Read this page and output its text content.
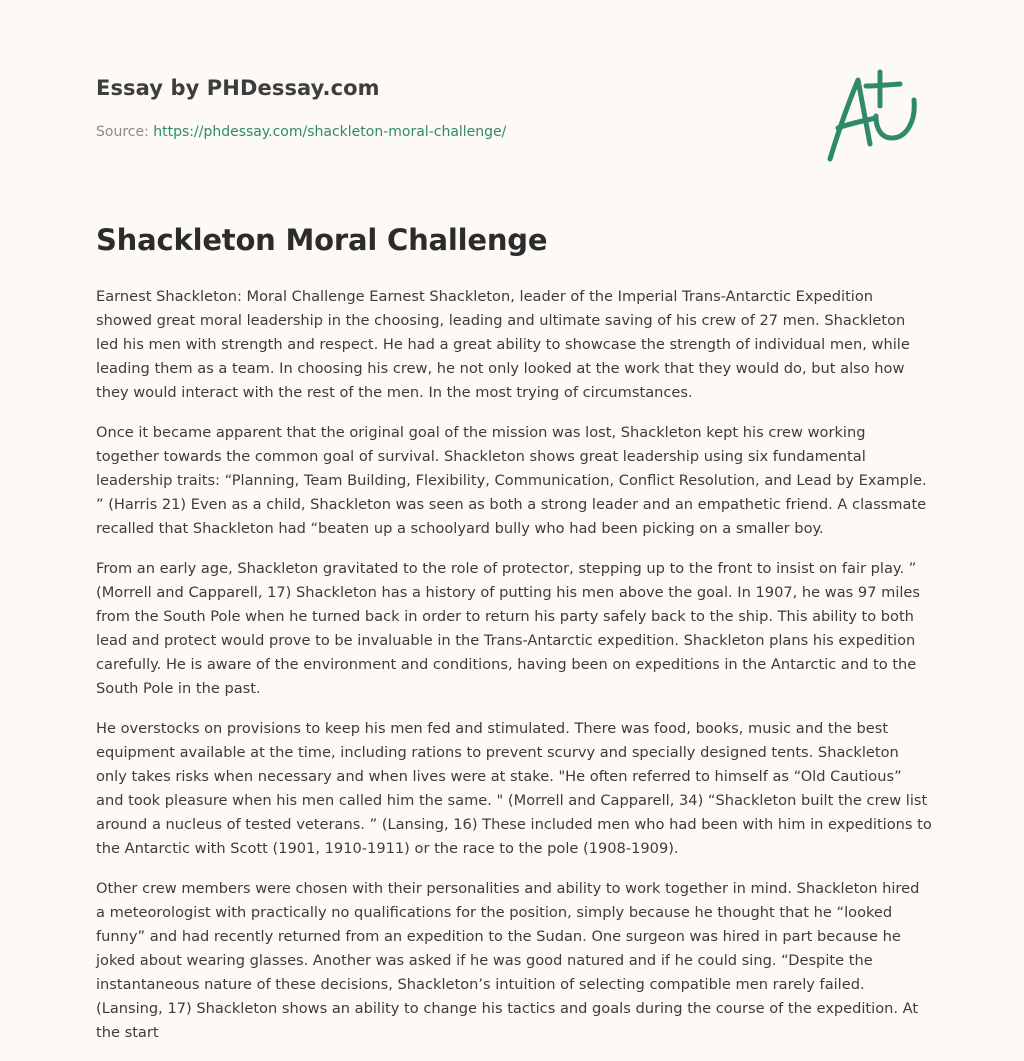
Essay by PHDessay.com
Source: https://phdessay.com/shackleton-moral-challenge/
Shackleton Moral Challenge

Earnest Shackleton: Moral Challenge Earnest Shackleton, leader of the Imperial Trans-Antarctic Expedition showed great moral leadership in the choosing, leading and ultimate saving of his crew of 27 men. Shackleton led his men with strength and respect. He had a great ability to showcase the strength of individual men, while leading them as a team. In choosing his crew, he not only looked at the work that they would do, but also how they would interact with the rest of the men. In the most trying of circumstances.

Once it became apparent that the original goal of the mission was lost, Shackleton kept his crew working together towards the common goal of survival. Shackleton shows great leadership using six fundamental leadership traits: “Planning, Team Building, Flexibility, Communication, Conflict Resolution, and Lead by Example. ” (Harris 21) Even as a child, Shackleton was seen as both a strong leader and an empathetic friend. A classmate recalled that Shackleton had “beaten up a schoolyard bully who had been picking on a smaller boy.

From an early age, Shackleton gravitated to the role of protector, stepping up to the front to insist on fair play. ” (Morrell and Capparell, 17) Shackleton has a history of putting his men above the goal. In 1907, he was 97 miles from the South Pole when he turned back in order to return his party safely back to the ship. This ability to both lead and protect would prove to be invaluable in the Trans-Antarctic expedition. Shackleton plans his expedition carefully. He is aware of the environment and conditions, having been on expeditions in the Antarctic and to the South Pole in the past.

He overstocks on provisions to keep his men fed and stimulated. There was food, books, music and the best equipment available at the time, including rations to prevent scurvy and specially designed tents. Shackleton only takes risks when necessary and when lives were at stake. "He often referred to himself as “Old Cautious” and took pleasure when his men called him the same. " (Morrell and Capparell, 34) “Shackleton built the crew list around a nucleus of tested veterans. ” (Lansing, 16) These included men who had been with him in expeditions to the Antarctic with Scott (1901, 1910-1911) or the race to the pole (1908-1909).

Other crew members were chosen with their personalities and ability to work together in mind. Shackleton hired a meteorologist with practically no qualifications for the position, simply because he thought that he “looked funny” and had recently returned from an expedition to the Sudan. One surgeon was hired in part because he joked about wearing glasses. Another was asked if he was good natured and if he could sing. “Despite the instantaneous nature of these decisions, Shackleton’s intuition of selecting compatible men rarely failed. (Lansing, 17) Shackleton shows an ability to change his tactics and goals during the course of the expedition. At the start
